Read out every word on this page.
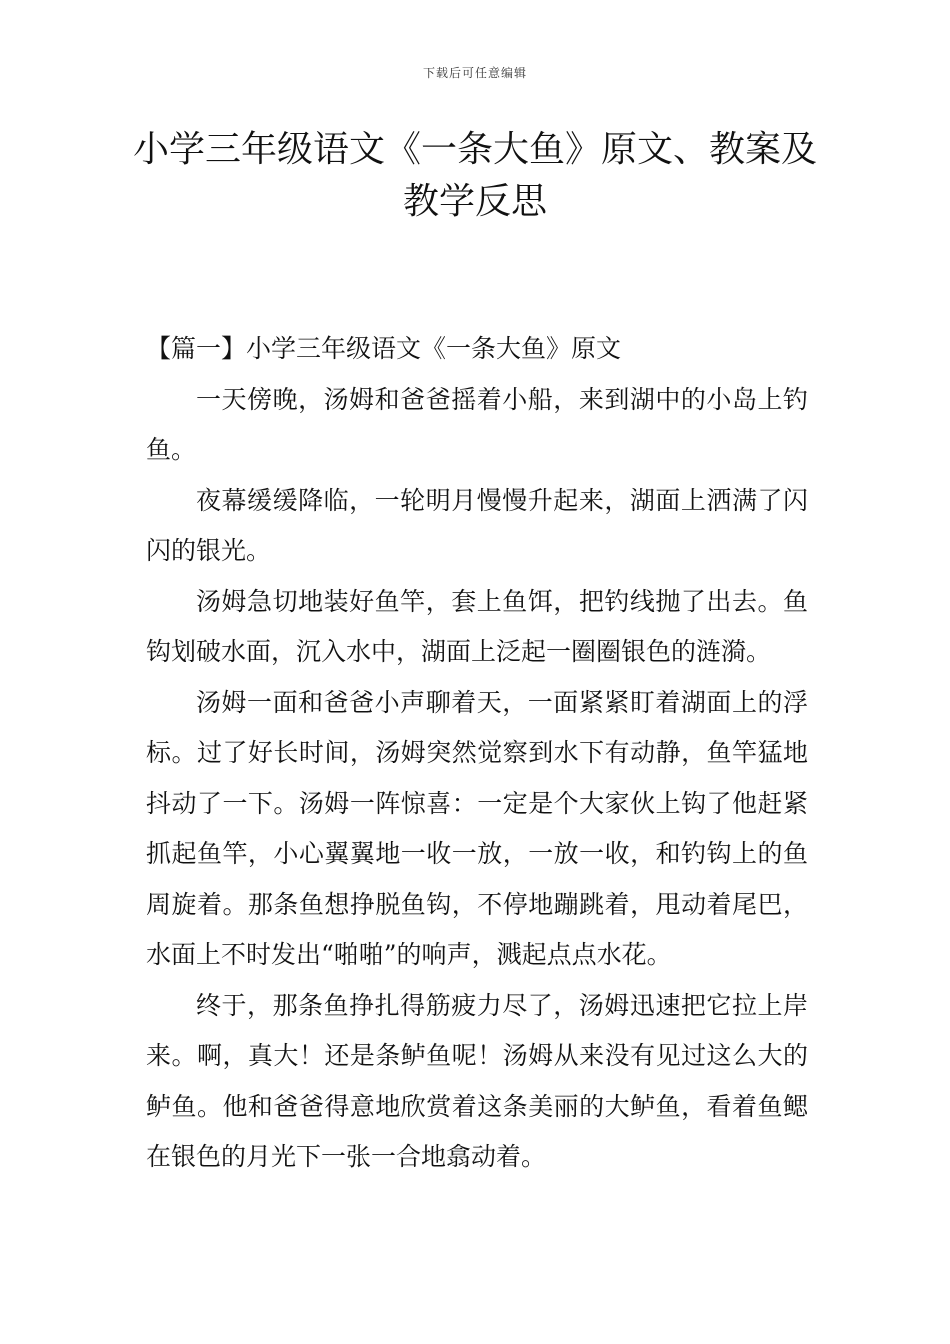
下载后可任意编辑
小学三年级语文《一条大鱼》原文、教案及教学反思

【篇一】小学三年级语文《一条大鱼》原文

一天傍晚，汤姆和爸爸摇着小船，来到湖中的小岛上钓鱼。

夜幕缓缓降临，一轮明月慢慢升起来，湖面上洒满了闪闪的银光。

汤姆急切地装好鱼竿，套上鱼饵，把钓线抛了出去。鱼钩划破水面，沉入水中，湖面上泛起一圈圈银色的涟漪。

汤姆一面和爸爸小声聊着天，一面紧紧盯着湖面上的浮标。过了好长时间，汤姆突然觉察到水下有动静，鱼竿猛地抖动了一下。汤姆一阵惊喜：一定是个大家伙上钩了他赶紧抓起鱼竿，小心翼翼地一收一放，一放一收，和钓钩上的鱼周旋着。那条鱼想挣脱鱼钩，不停地蹦跳着，甩动着尾巴，水面上不时发出“啪啪”的响声，溅起点点水花。

终于，那条鱼挣扎得筋疲力尽了，汤姆迅速把它拉上岸来。啊，真大！还是条鲈鱼呢！汤姆从来没有见过这么大的鲈鱼。他和爸爸得意地欣赏着这条美丽的大鲈鱼，看着鱼鳃在银色的月光下一张一合地翕动着。
